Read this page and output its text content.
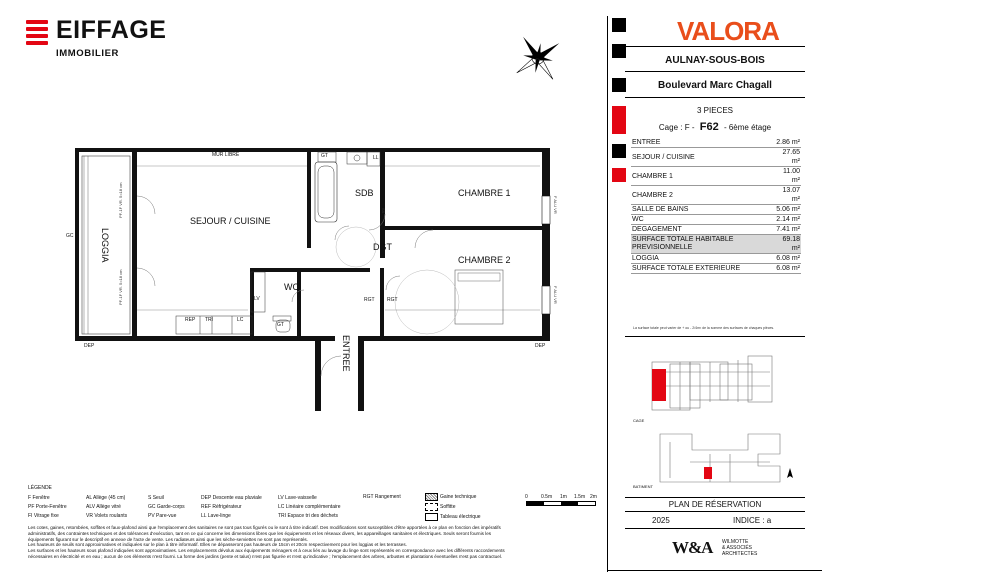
EIFFAGE
IMMOBILIER
VALORA
AULNAY-SOUS-BOIS
Boulevard Marc Chagall
3 PIECES
Cage : F - F62 - 6ème étage
ENTREE	2.86 m²
SEJOUR / CUISINE	27.65 m²
CHAMBRE 1	11.00 m²
CHAMBRE 2	13.07 m²
SALLE DE BAINS	5.06 m²
WC	2.14 m²
DEGAGEMENT	7.41 m²
SURFACE TOTALE HABITABLE PREVISIONNELLE	69.18 m²
LOGGIA	6.08 m²
SURFACE TOTALE EXTERIEURE	6.08 m²
La surface totale peut varier de + ou - 2/4m² de la somme des surfaces de chaques pièces.
CAGE
BATIMENT
PLAN DE RÉSERVATION
2025	INDICE : a
W&A WILMOTTE
& ASSOCIÉS
ARCHITECTES
MUR LIBRE
SEJOUR / CUISINE
SDB	CHAMBRE 1
CHAMBRE 2
DGT
WC
ENTREE
LOGGIA
GC
DEP	DEP
GT
GT
LL
LV	RGT RGT
REP TRI	LC
PF-1F VR. 5=18 cm
PF-1F VR. 5=18 cm
F ALU VR
F ALU VR
SS
LÉGENDE
F Fenêtre
PF Porte-Fenêtre
FI Vitrage fixe
AL Allège (45 cm)
ALV Allège vitré
VR Volets roulants
S Seuil
GC Garde-corps
PV Pare-vue
DEP Descente eau pluviale
REF Réfrigérateur
LL Lave-linge
LV Lave-vaisselle
LC Linéaire complémentaire
TRI Espace tri des déchets
RGT Rangement	Gaine technique
Soffitte
Tableau électrique
0	0.5m 1m 1.5m 2m
Les cotes, gaines, retombées, soffites et faux-plafond ainsi que l'emplacement des sanitaires ne sont pas tous figurés ou le sont à titre indicatif. Des modifications sont susceptibles d'être apportées à ce plan en fonction des impératifs
administratifs, des contraintes techniques et des tolérances d'exécution, tant en ce qui concerne les dimensions libres que les équipements et les réseaux divers, les appareillages sanitaires et électriques. Seuls seront fournis les
équipements figurant sur le descriptif en annexe de l'acte de vente. Les radiateurs ainsi que les sèche-serviettes ne sont pas représentés.
Les hauteurs de seuils sont approximatives et indiquées sur le plan à titre informatif. Elles ne dépasseront pas hauteurs de 15cm et 20cm respectivement pour les loggias et les terrasses.
Les surfaces et les hauteurs sous plafond indiquées sont approximatives. Les emplacements dévolus aux équipements ménagers et à ceux liés au lavage du linge sont représentés en correspondance avec les différents raccordements
nécessaires en électricité et en eau ; aucun de ces éléments n'est fourni. La forme des jardins (pente et talus) n'est pas figurée et n'est qu'indicative ; l'emplacement des arbres, arbustes et plantations éventuelles n'est pas contractuel.
